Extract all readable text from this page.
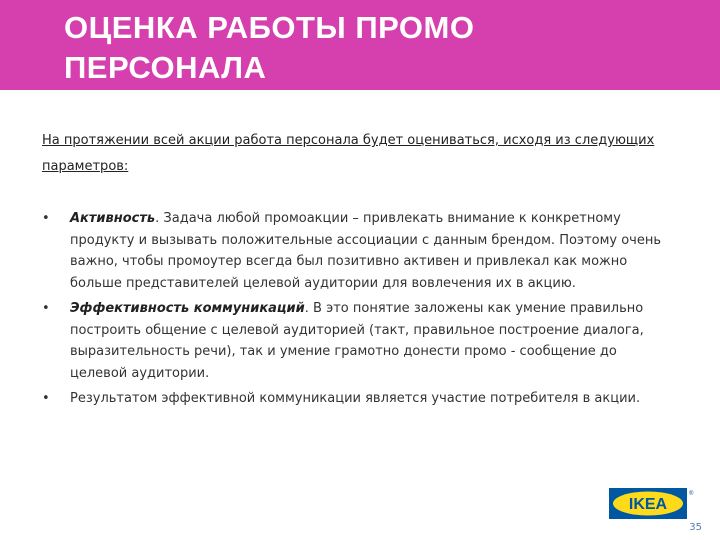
ОЦЕНКА РАБОТЫ ПРОМО
ПЕРСОНАЛА
На протяжении всей акции работа персонала будет оцениваться, исходя из следующих параметров:
• Активность. Задача любой промоакции – привлекать внимание к конкретному продукту и вызывать положительные ассоциации с данным брендом. Поэтому очень важно, чтобы промоутер всегда был позитивно активен и привлекал как можно больше представителей целевой аудитории для вовлечения их в акцию.
• Эффективность коммуникаций. В это понятие заложены как умение правильно построить общение с целевой аудиторией (такт, правильное построение диалога, выразительность речи), так и умение грамотно донести промо - сообщение до целевой аудитории.
• Результатом эффективной коммуникации является участие потребителя в акции.
IKEA
®
35
